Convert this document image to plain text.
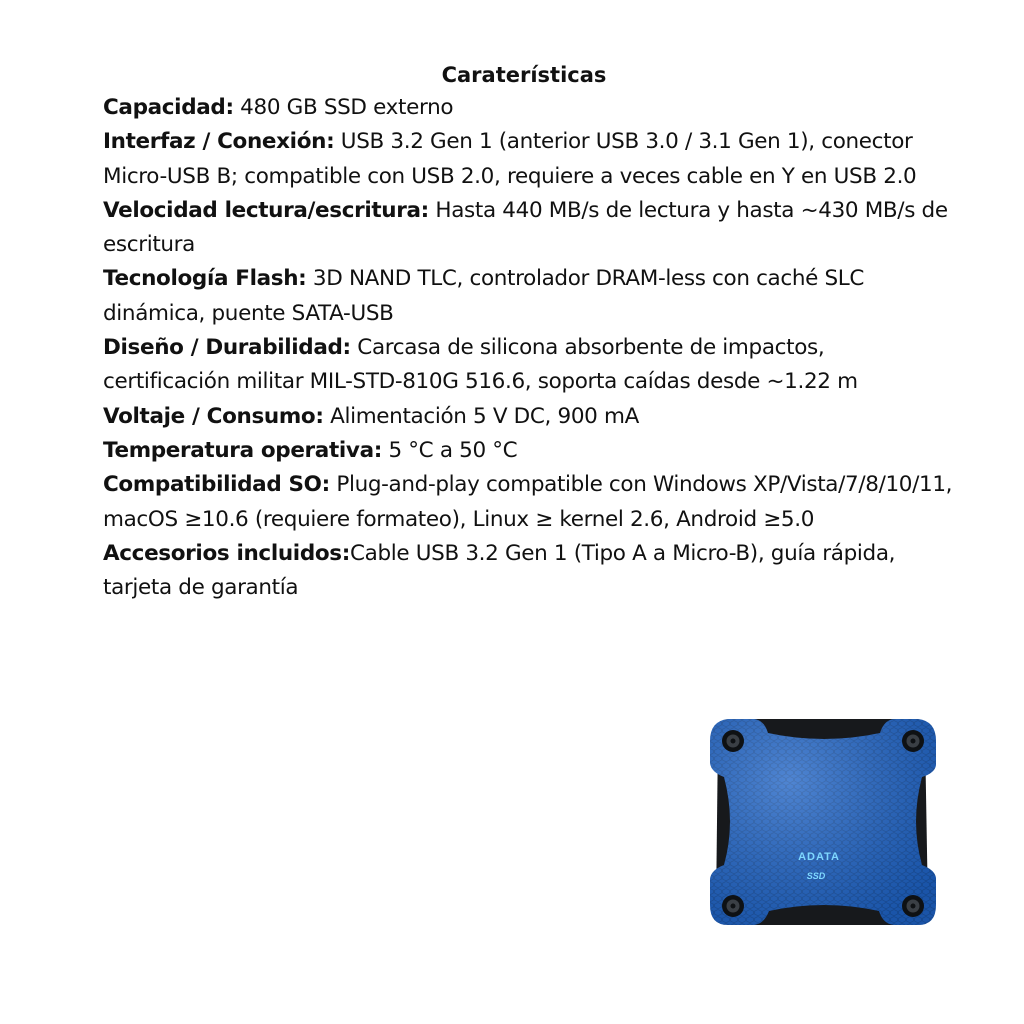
Caraterísticas

Capacidad: 480 GB SSD externo

Interfaz / Conexión: USB 3.2 Gen 1 (anterior USB 3.0 / 3.1 Gen 1), conector Micro-USB B; compatible con USB 2.0, requiere a veces cable en Y en USB 2.0

Velocidad lectura/escritura: Hasta 440 MB/s de lectura y hasta ~430 MB/s de escritura

Tecnología Flash: 3D NAND TLC, controlador DRAM-less con caché SLC dinámica, puente SATA-USB

Diseño / Durabilidad: Carcasa de silicona absorbente de impactos, certificación militar MIL-STD-810G 516.6, soporta caídas desde ~1.22 m

Voltaje / Consumo: Alimentación 5 V DC, 900 mA

Temperatura operativa: 5 °C a 50 °C

Compatibilidad SO: Plug-and-play compatible con Windows XP/Vista/7/8/10/11, macOS ≥10.6 (requiere formateo), Linux ≥ kernel 2.6, Android ≥5.0

Accesorios incluidos:Cable USB 3.2 Gen 1 (Tipo A a Micro-B), guía rápida, tarjeta de garantía

ADATA
SSD
